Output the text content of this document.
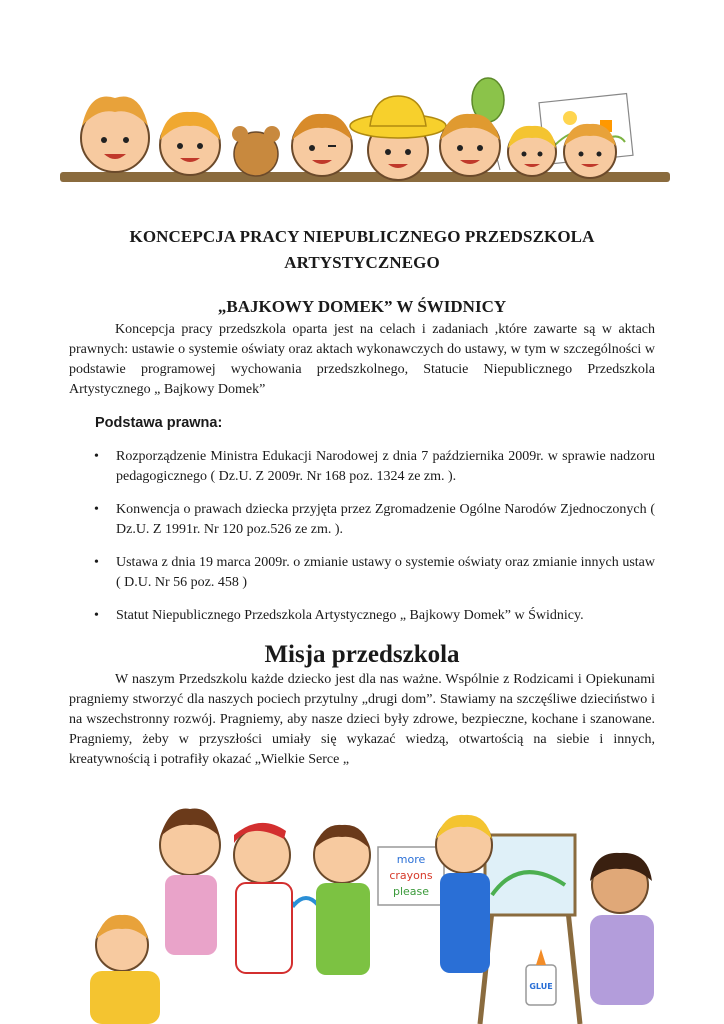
KONCEPCJA PRACY NIEPUBLICZNEGO PRZEDSZKOLA ARTYSTYCZNEGO
„BAJKOWY DOMEK” W ŚWIDNICY

Koncepcja pracy przedszkola oparta jest na celach i zadaniach ,które zawarte są w aktach prawnych: ustawie o systemie oświaty oraz aktach wykonawczych do ustawy, w tym w szczególności w podstawie programowej wychowania przedszkolnego, Statucie Niepublicznego Przedszkola Artystycznego „ Bajkowy Domek”

Podstawa prawna:
• Rozporządzenie Ministra Edukacji Narodowej z dnia 7 października 2009r. w sprawie nadzoru pedagogicznego ( Dz.U. Z 2009r. Nr 168 poz. 1324 ze zm. ).
• Konwencja o prawach dziecka przyjęta przez Zgromadzenie Ogólne Narodów Zjednoczonych ( Dz.U. Z 1991r. Nr 120 poz.526 ze zm. ).
• Ustawa z dnia 19 marca 2009r. o zmianie ustawy o systemie oświaty oraz zmianie innych ustaw ( D.U. Nr 56 poz. 458 )
• Statut Niepublicznego Przedszkola Artystycznego „ Bajkowy Domek” w Świdnicy.
Misja przedszkola

W naszym Przedszkolu każde dziecko jest dla nas ważne. Wspólnie z Rodzicami i Opiekunami pragniemy stworzyć dla naszych pociech przytulny „drugi dom”. Stawiamy na szczęśliwe dzieciństwo i na wszechstronny rozwój. Pragniemy, aby nasze dzieci były zdrowe, bezpieczne, kochane i szanowane. Pragniemy, żeby w przyszłości umiały się wykazać wiedzą, otwartością na siebie i innych, kreatywnością i potrafiły okazać „Wielkie Serce „

more
crayons
please
GLUE
